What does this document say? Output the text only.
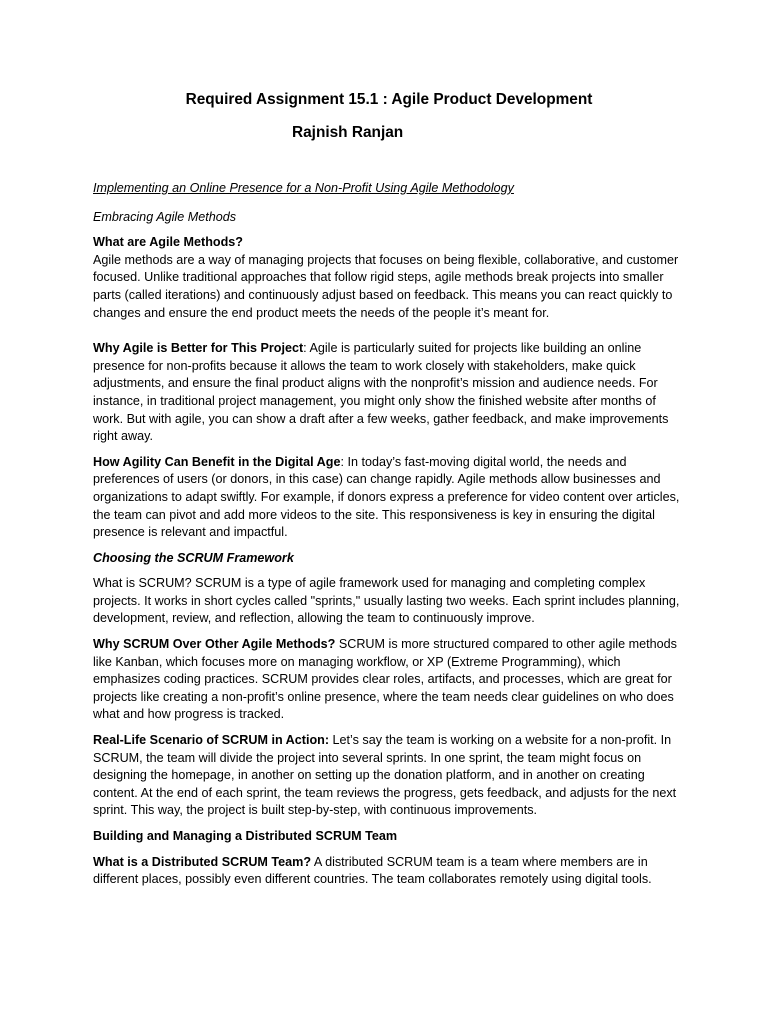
Required Assignment 15.1 : Agile Product Development
Rajnish Ranjan

Implementing an Online Presence for a Non-Profit Using Agile Methodology

Embracing Agile Methods

What are Agile Methods?
Agile methods are a way of managing projects that focuses on being flexible, collaborative, and customer focused. Unlike traditional approaches that follow rigid steps, agile methods break projects into smaller parts (called iterations) and continuously adjust based on feedback. This means you can react quickly to changes and ensure the end product meets the needs of the people it’s meant for.

Why Agile is Better for This Project: Agile is particularly suited for projects like building an online presence for non-profits because it allows the team to work closely with stakeholders, make quick adjustments, and ensure the final product aligns with the nonprofit’s mission and audience needs. For instance, in traditional project management, you might only show the finished website after months of work. But with agile, you can show a draft after a few weeks, gather feedback, and make improvements right away.

How Agility Can Benefit in the Digital Age: In today’s fast-moving digital world, the needs and preferences of users (or donors, in this case) can change rapidly. Agile methods allow businesses and organizations to adapt swiftly. For example, if donors express a preference for video content over articles, the team can pivot and add more videos to the site. This responsiveness is key in ensuring the digital presence is relevant and impactful.

Choosing the SCRUM Framework

What is SCRUM? SCRUM is a type of agile framework used for managing and completing complex projects. It works in short cycles called "sprints," usually lasting two weeks. Each sprint includes planning, development, review, and reflection, allowing the team to continuously improve.

Why SCRUM Over Other Agile Methods? SCRUM is more structured compared to other agile methods like Kanban, which focuses more on managing workflow, or XP (Extreme Programming), which emphasizes coding practices. SCRUM provides clear roles, artifacts, and processes, which are great for projects like creating a non-profit’s online presence, where the team needs clear guidelines on who does what and how progress is tracked.

Real-Life Scenario of SCRUM in Action: Let’s say the team is working on a website for a non-profit. In SCRUM, the team will divide the project into several sprints. In one sprint, the team might focus on designing the homepage, in another on setting up the donation platform, and in another on creating content. At the end of each sprint, the team reviews the progress, gets feedback, and adjusts for the next sprint. This way, the project is built step-by-step, with continuous improvements.

Building and Managing a Distributed SCRUM Team

What is a Distributed SCRUM Team? A distributed SCRUM team is a team where members are in different places, possibly even different countries. The team collaborates remotely using digital tools.
